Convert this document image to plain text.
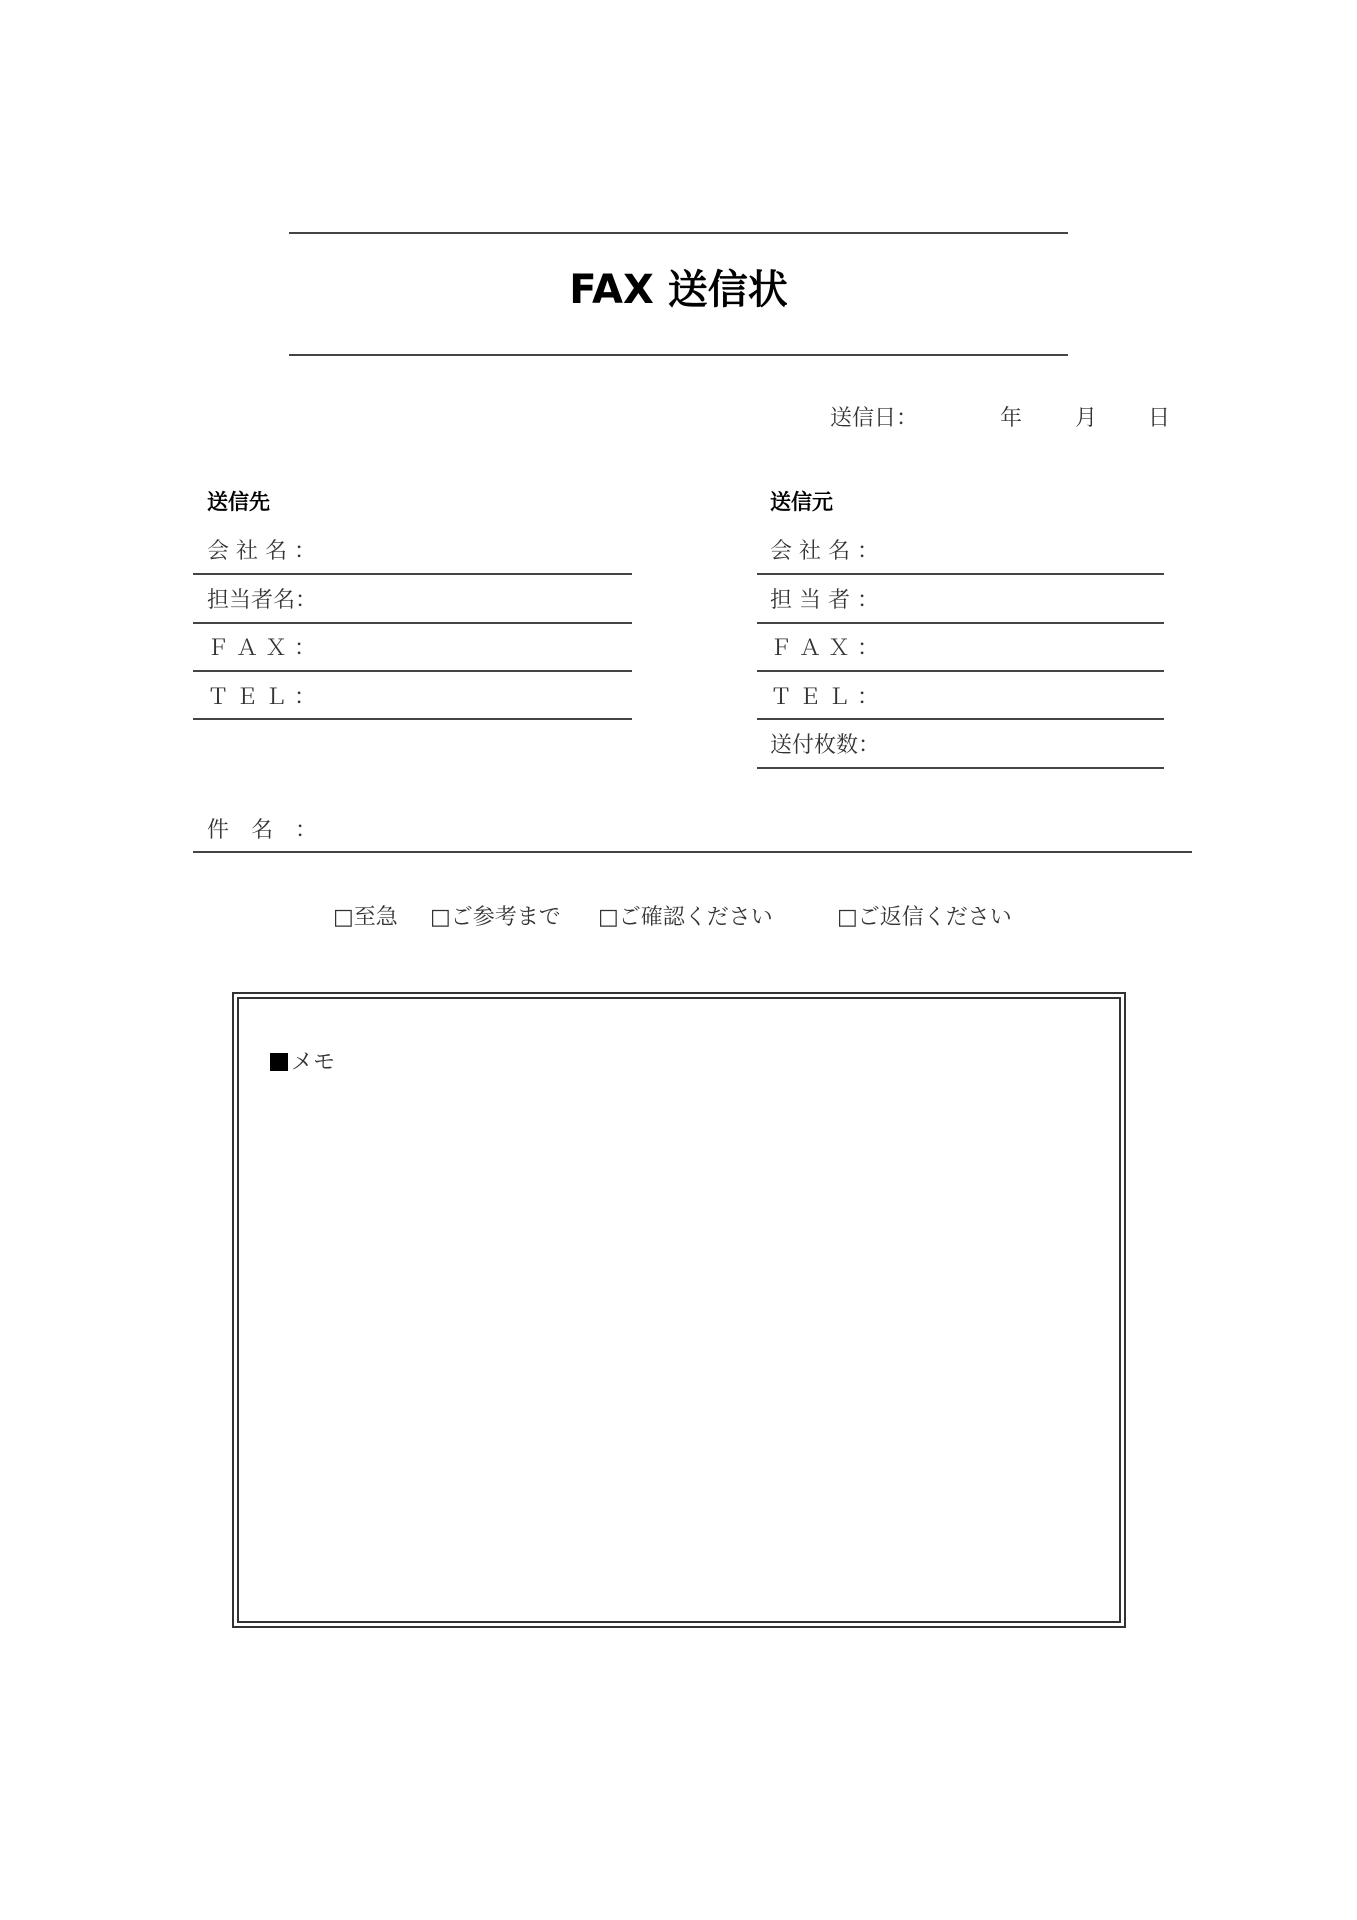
FAX 送信状
送信日：	年 月 日
送信先
会 社 名 ：
担当者名：
Ｆ Ａ Ｘ ：
Ｔ Ｅ Ｌ ：
送信元
会 社 名 ：
担 当 者 ：
Ｆ Ａ Ｘ ：
Ｔ Ｅ Ｌ ：
送付枚数：
件　名　：

□至急

□ご参考まで

□ご確認ください

	□ご返信ください

メモ
